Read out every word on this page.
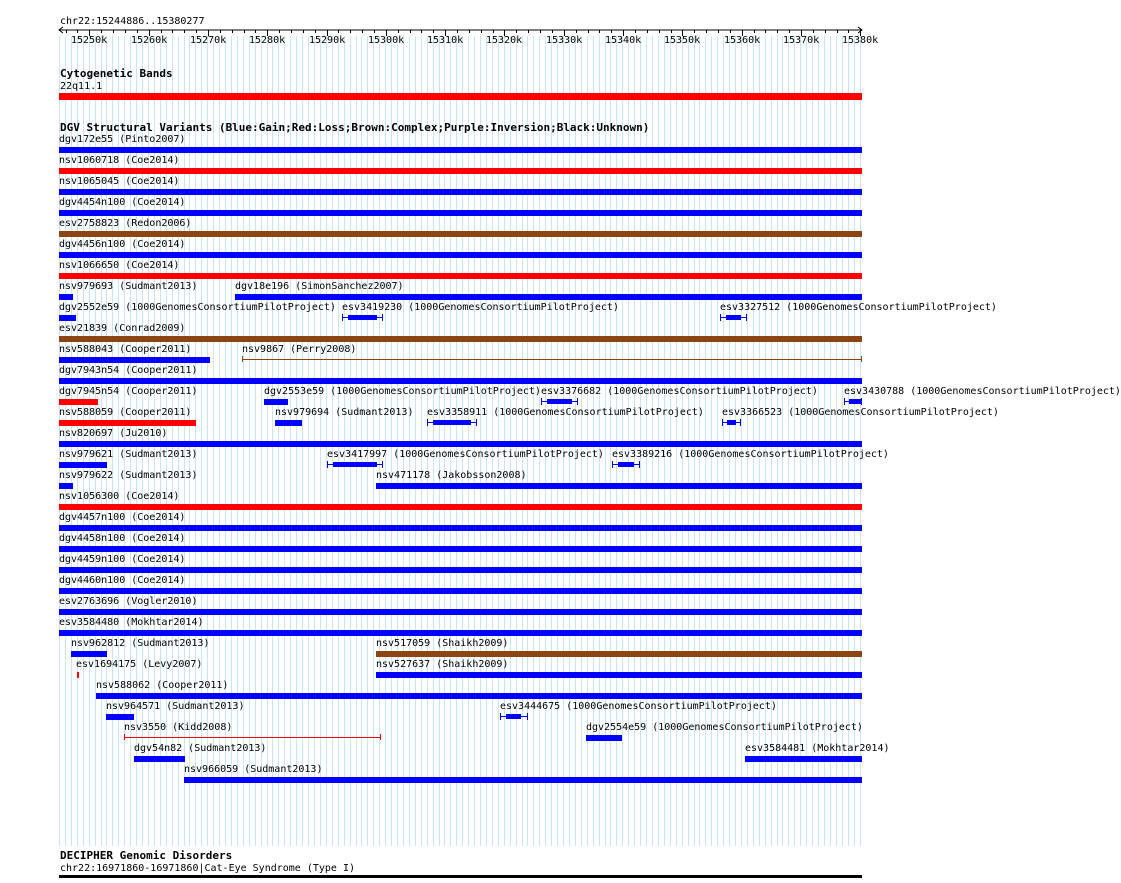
chr22:15244886..15380277
15250k 15260k 15270k 15280k 15290k 15300k 15310k 15320k 15330k 15340k 15350k 15360k 15370k 15380k
Cytogenetic Bands
22q11.1
DGV Structural Variants (Blue:Gain;Red:Loss;Brown:Complex;Purple:Inversion;Black:Unknown)
dgv172e55 (Pinto2007)
nsv1060718 (Coe2014)
nsv1065045 (Coe2014)
dgv4454n100 (Coe2014)
esv2758823 (Redon2006)
dgv4456n100 (Coe2014)
nsv1066650 (Coe2014)
nsv979693 (Sudmant2013)	dgv18e196 (SimonSanchez2007)
dgv2552e59 (1000GenomesConsortiumPilotProject) esv3419230 (1000GenomesConsortiumPilotProject)	esv3327512 (1000GenomesConsortiumPilotProject)
esv21839 (Conrad2009)
nsv588043 (Cooper2011)	nsv9867 (Perry2008)
dgv7943n54 (Cooper2011)
dgv7945n54 (Cooper2011)	dgv2553e59 (1000GenomesConsortiumPilotProject) esv3376682 (1000GenomesConsortiumPilotProject)	esv3430788 (1000GenomesConsortiumPilotProject)
nsv588059 (Cooper2011)	nsv979694 (Sudmant2013) esv3358911 (1000GenomesConsortiumPilotProject) esv3366523 (1000GenomesConsortiumPilotProject)
nsv820697 (Ju2010)
nsv979621 (Sudmant2013)	esv3417997 (1000GenomesConsortiumPilotProject) esv3389216 (1000GenomesConsortiumPilotProject)
nsv979622 (Sudmant2013)	nsv471178 (Jakobsson2008)
nsv1056300 (Coe2014)
dgv4457n100 (Coe2014)
dgv4458n100 (Coe2014)
dgv4459n100 (Coe2014)
dgv4460n100 (Coe2014)
esv2763696 (Vogler2010)
esv3584480 (Mokhtar2014)
nsv962812 (Sudmant2013)	nsv517059 (Shaikh2009)
esv1694175 (Levy2007)	nsv527637 (Shaikh2009)
nsv588062 (Cooper2011)
nsv964571 (Sudmant2013)	esv3444675 (1000GenomesConsortiumPilotProject)
nsv3550 (Kidd2008)	dgv2554e59 (1000GenomesConsortiumPilotProject)
dgv54n82 (Sudmant2013)	esv3584481 (Mokhtar2014)
nsv966059 (Sudmant2013)
DECIPHER Genomic Disorders
chr22:16971860-16971860|Cat-Eye Syndrome (Type I)
